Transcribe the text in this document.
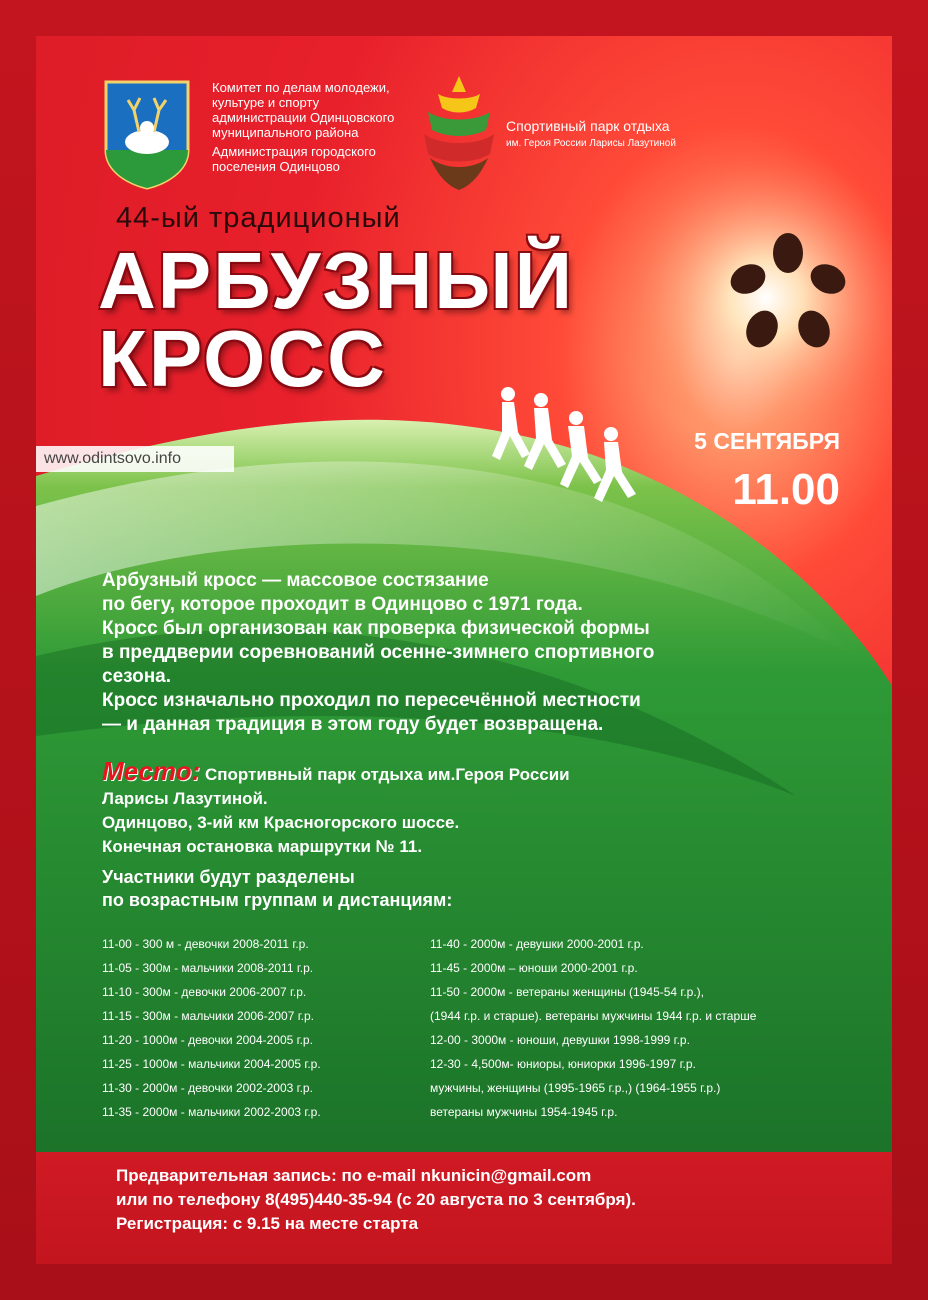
Комитет по делам молодежи,
культуре и спорту
администрации Одинцовского
муниципального района
Администрация городского
поселения Одинцово
Спортивный парк отдыха
им. Героя России Ларисы Лазутиной
44-ый традиционый
АРБУЗНЫЙ
КРОСС
5 СЕНТЯБРЯ
11.00
www.odintsovo.info
Арбузный кросс — массовое состязание
по бегу, которое проходит в Одинцово с 1971 года.
Кросс был организован как проверка физической формы
в преддверии соревнований осенне-зимнего спортивного
сезона.
Кросс изначально проходил по пересечённой местности
— и данная традиция в этом году будет возвращена.
Место: Спортивный парк отдыха им.Героя России
Ларисы Лазутиной.
Одинцово, 3-ий км Красногорского шоссе.
Конечная остановка маршрутки № 11.
Участники будут разделены
по возрастным группам и дистанциям:
11-00 - 300 м - девочки 2008-2011 г.р.
11-05 - 300м - мальчики 2008-2011 г.р.
11-10 - 300м - девочки 2006-2007 г.р.
11-15 - 300м - мальчики 2006-2007 г.р.
11-20 - 1000м - девочки 2004-2005 г.р.
11-25 - 1000м - мальчики 2004-2005 г.р.
11-30 - 2000м - девочки 2002-2003 г.р.
11-35 - 2000м - мальчики 2002-2003 г.р.
11-40 - 2000м - девушки 2000-2001 г.р.
11-45 - 2000м – юноши 2000-2001 г.р.
11-50 - 2000м - ветераны женщины (1945-54 г.р.),
(1944 г.р. и старше). ветераны мужчины 1944 г.р. и старше
12-00 - 3000м - юноши, девушки 1998-1999 г.р.
12-30 - 4,500м- юниоры, юниорки 1996-1997 г.р.
мужчины, женщины (1995-1965 г.р.,) (1964-1955 г.р.)
ветераны мужчины 1954-1945 г.р.
Предварительная запись: по e-mail nkunicin@gmail.com
или по телефону 8(495)440-35-94 (с 20 августа по 3 сентября).
Регистрация: с 9.15 на месте старта
